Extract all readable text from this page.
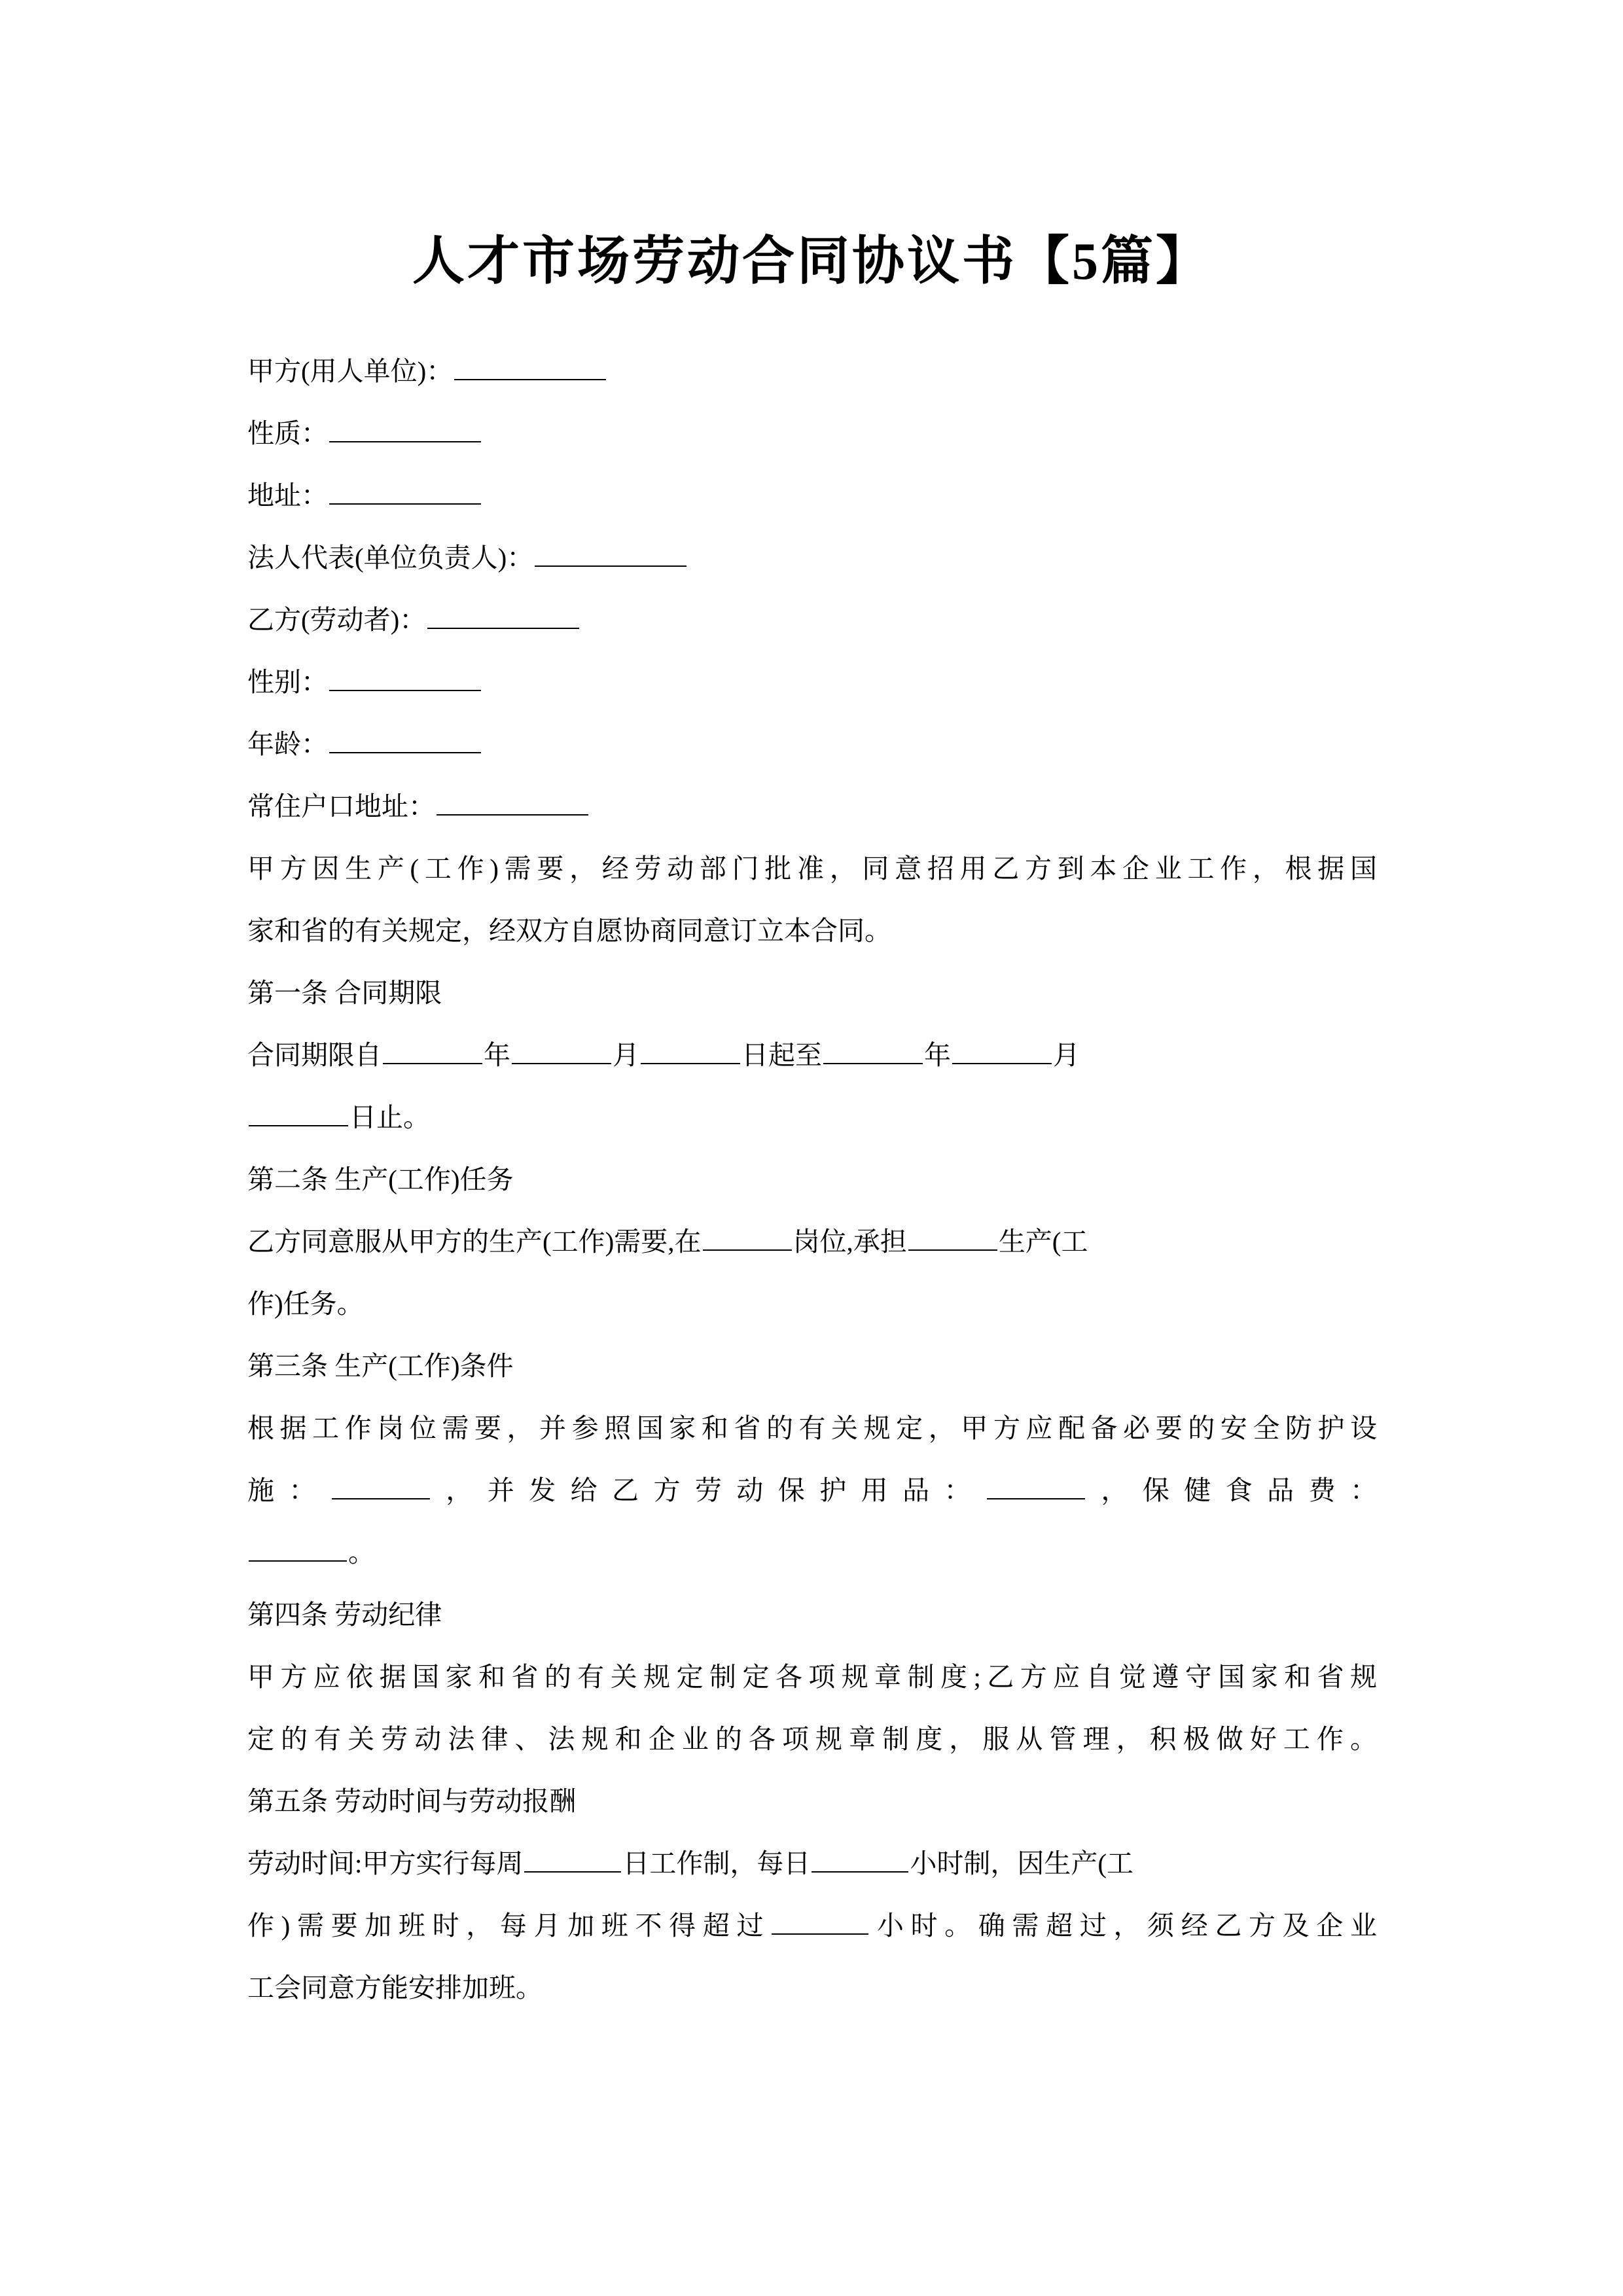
人才市场劳动合同协议书【5篇】
甲方(用人单位)：
性质：
地址：
法人代表(单位负责人)：
乙方(劳动者)：
性别：
年龄：
常住户口地址：
甲方因生产(工作)需要，经劳动部门批准，同意招用乙方到本企业工作，根据国
家和省的有关规定，经双方自愿协商同意订立本合同。
第一条 合同期限
合同期限自	年	月	日起至	年	月
日止。
第二条 生产(工作)任务
乙方同意服从甲方的生产(工作)需要,在	岗位,承担	生产(工
作)任务。
第三条 生产(工作)条件
根据工作岗位需要，并参照国家和省的有关规定，甲方应配备必要的安全防护设
施：	，并发给乙方劳动保护用品：	，保健食品费：
。
第四条 劳动纪律
甲方应依据国家和省的有关规定制定各项规章制度;乙方应自觉遵守国家和省规
定的有关劳动法律、法规和企业的各项规章制度，服从管理，积极做好工作。
第五条 劳动时间与劳动报酬
劳动时间:甲方实行每周	日工作制，每日	小时制，因生产(工
作)需要加班时，每月加班不得超过	小时。确需超过，须经乙方及企业
工会同意方能安排加班。
